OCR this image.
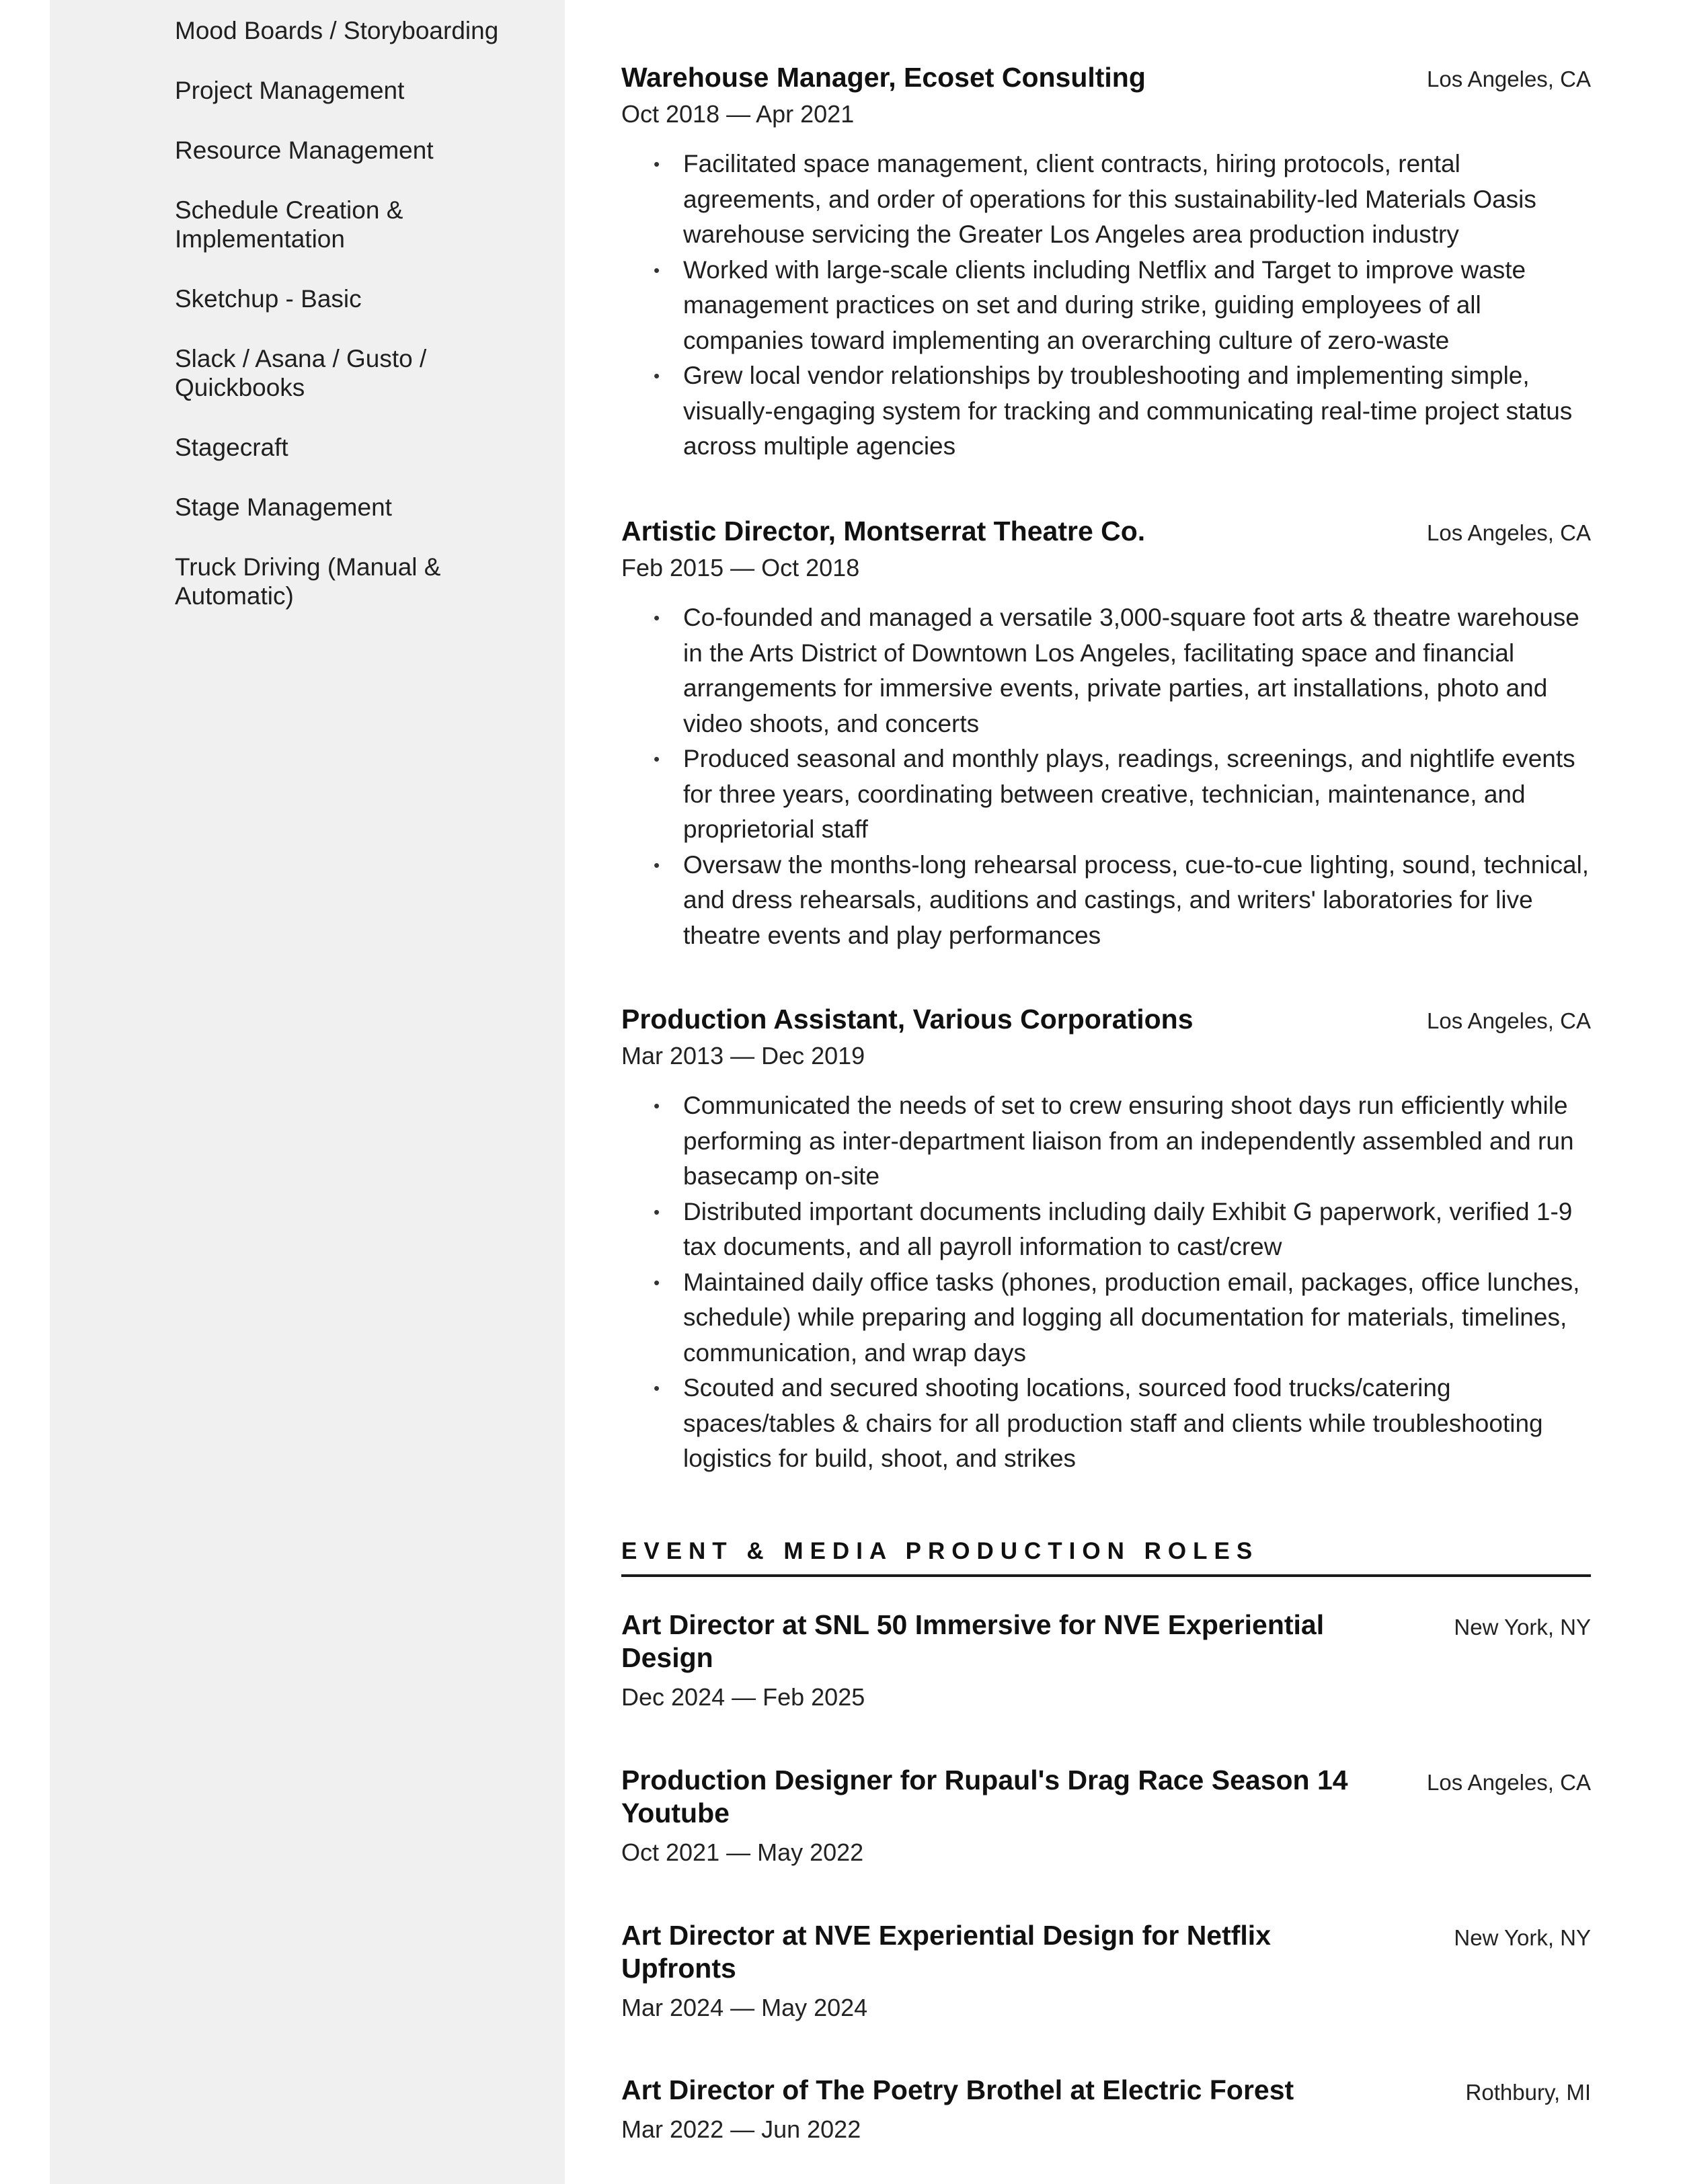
Mood Boards / Storyboarding
Project Management
Resource Management
Schedule Creation & Implementation
Sketchup - Basic
Slack / Asana / Gusto / Quickbooks
Stagecraft
Stage Management
Truck Driving (Manual & Automatic)
Warehouse Manager, Ecoset Consulting	Los Angeles, CA
Oct 2018 — Apr 2021
• Facilitated space management, client contracts, hiring protocols, rental agreements, and order of operations for this sustainability-led Materials Oasis warehouse servicing the Greater Los Angeles area production industry
• Worked with large-scale clients including Netflix and Target to improve waste management practices on set and during strike, guiding employees of all companies toward implementing an overarching culture of zero-waste
• Grew local vendor relationships by troubleshooting and implementing simple, visually-engaging system for tracking and communicating real-time project status across multiple agencies
Artistic Director, Montserrat Theatre Co.	Los Angeles, CA
Feb 2015 — Oct 2018
• Co-founded and managed a versatile 3,000-square foot arts & theatre warehouse in the Arts District of Downtown Los Angeles, facilitating space and financial arrangements for immersive events, private parties, art installations, photo and video shoots, and concerts
• Produced seasonal and monthly plays, readings, screenings, and nightlife events for three years, coordinating between creative, technician, maintenance, and proprietorial staff
• Oversaw the months-long rehearsal process, cue-to-cue lighting, sound, technical, and dress rehearsals, auditions and castings, and writers' laboratories for live theatre events and play performances
Production Assistant, Various Corporations	Los Angeles, CA
Mar 2013 — Dec 2019
• Communicated the needs of set to crew ensuring shoot days run efficiently while performing as inter-department liaison from an independently assembled and run basecamp on-site
• Distributed important documents including daily Exhibit G paperwork, verified 1-9 tax documents, and all payroll information to cast/crew
• Maintained daily office tasks (phones, production email, packages, office lunches, schedule) while preparing and logging all documentation for materials, timelines, communication, and wrap days
• Scouted and secured shooting locations, sourced food trucks/catering spaces/tables & chairs for all production staff and clients while troubleshooting logistics for build, shoot, and strikes
EVENT & MEDIA PRODUCTION ROLES
Art Director at SNL 50 Immersive for NVE Experiential Design
New York, NY
Dec 2024 — Feb 2025
Production Designer for Rupaul's Drag Race Season 14 Youtube
Los Angeles, CA
Oct 2021 — May 2022
Art Director at NVE Experiential Design for Netflix Upfronts
New York, NY
Mar 2024 — May 2024
Art Director of The Poetry Brothel at Electric Forest	Rothbury, MI
Mar 2022 — Jun 2022
